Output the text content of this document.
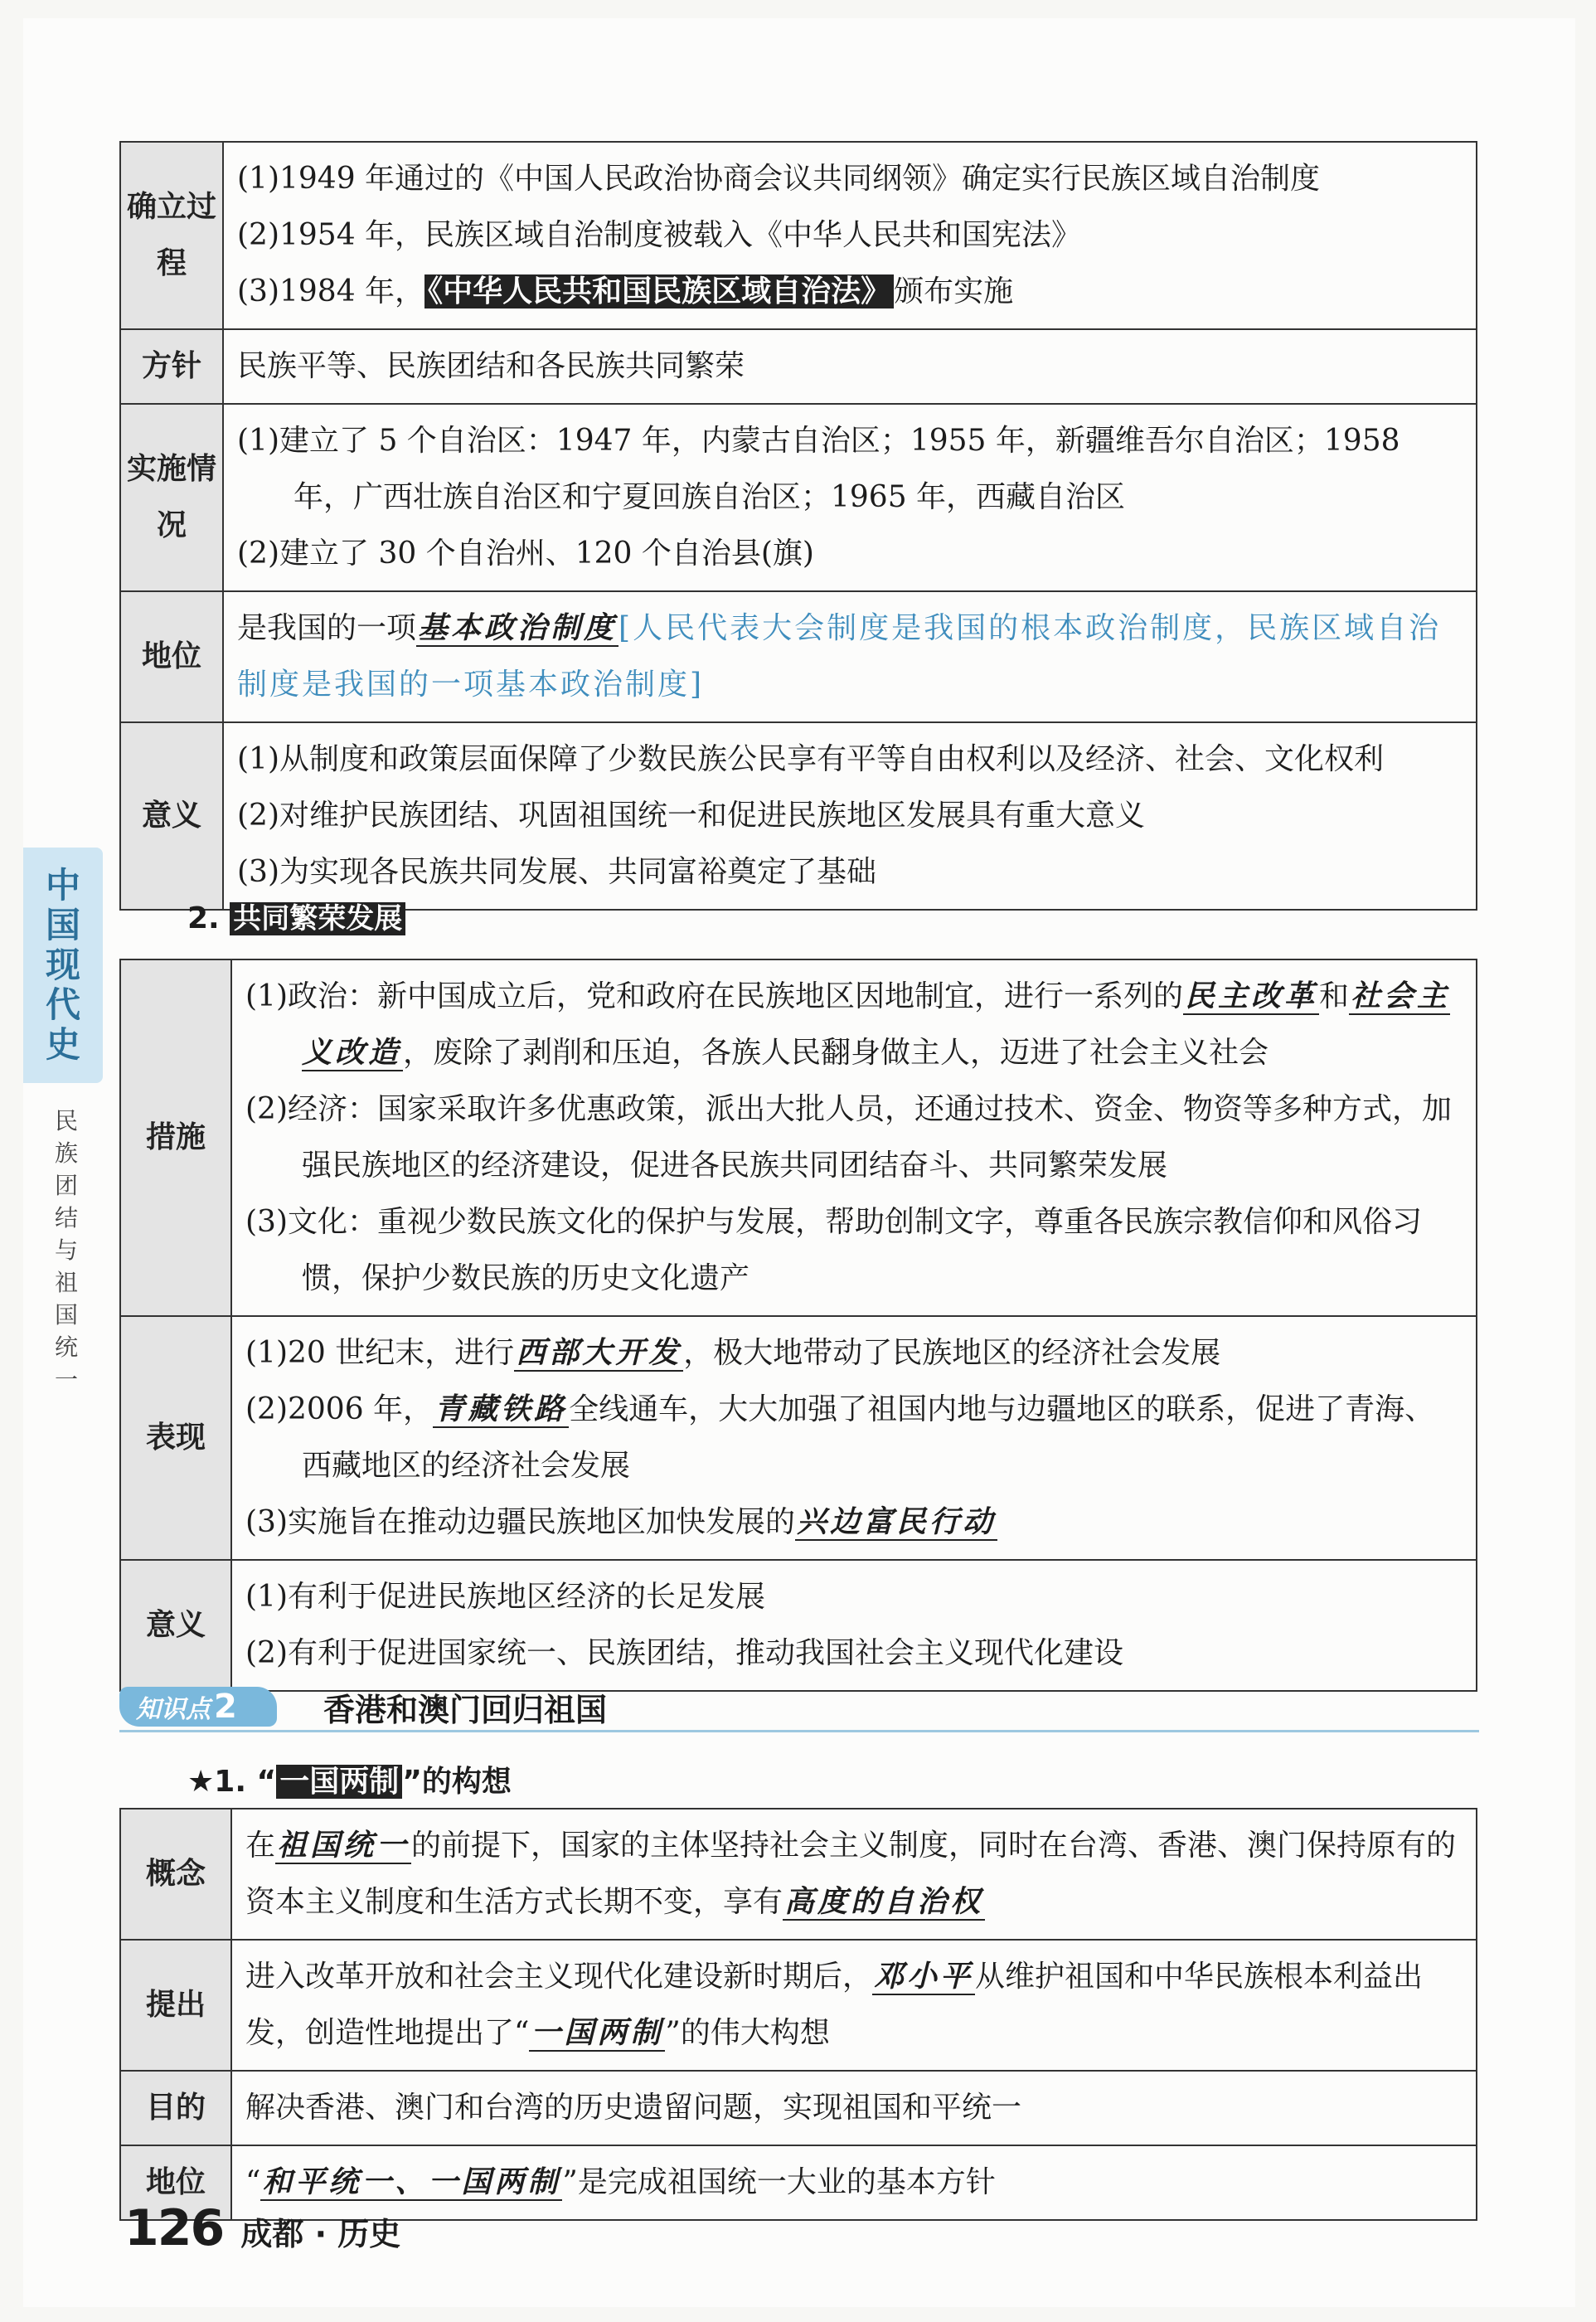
确立过程	(1)1949 年通过的《中国人民政治协商会议共同纲领》确定实行民族区域自治制度
(2)1954 年，民族区域自治制度被载入《中华人民共和国宪法》
(3)1984 年， 《中华人民共和国民族区域自治法》 颁布实施

方针	民族平等、民族团结和各民族共同繁荣

实施情况	(1)建立了 5 个自治区：1947 年，内蒙古自治区；1955 年，新疆维吾尔自治区；1958 年，广西壮族自治区和宁夏回族自治区；1965 年，西藏自治区
(2)建立了 30 个自治州、120 个自治县(旗)

地位	是我国的一项基本政治制度[人民代表大会制度是我国的根本政治制度，民族区域自治制度是我国的一项基本政治制度]

意义	(1)从制度和政策层面保障了少数民族公民享有平等自由权利以及经济、社会、文化权利
(2)对维护民族团结、巩固祖国统一和促进民族地区发展具有重大意义
(3)为实现各民族共同发展、共同富裕奠定了基础
2. 共同繁荣发展
措施	(1)政治：新中国成立后，党和政府在民族地区因地制宜，进行一系列的民主改革和社会主义改造，废除了剥削和压迫，各族人民翻身做主人，迈进了社会主义社会
(2)经济：国家采取许多优惠政策，派出大批人员，还通过技术、资金、物资等多种方式，加强民族地区的经济建设，促进各民族共同团结奋斗、共同繁荣发展
(3)文化：重视少数民族文化的保护与发展，帮助创制文字，尊重各民族宗教信仰和风俗习惯，保护少数民族的历史文化遗产

表现	(1)20 世纪末，进行西部大开发，极大地带动了民族地区的经济社会发展
(2)2006 年，青藏铁路全线通车，大大加强了祖国内地与边疆地区的联系，促进了青海、西藏地区的经济社会发展
(3)实施旨在推动边疆民族地区加快发展的兴边富民行动

意义	(1)有利于促进民族地区经济的长足发展
(2)有利于促进国家统一、民族团结，推动我国社会主义现代化建设
知识点 2	香港和澳门回归祖国
★1. “ 一国两制 ”的构想
概念	在祖国统一的前提下，国家的主体坚持社会主义制度，同时在台湾、香港、澳门保持原有的资本主义制度和生活方式长期不变，享有高度的自治权

提出	进入改革开放和社会主义现代化建设新时期后，邓小平从维护祖国和中华民族根本利益出发，创造性地提出了“一国两制”的伟大构想

目的	解决香港、澳门和台湾的历史遗留问题，实现祖国和平统一

地位	“和平统一、一国两制”是完成祖国统一大业的基本方针
中
国
现
代
史
民
族
团
结
与
祖
国
统
一
126 成都 · 历史
